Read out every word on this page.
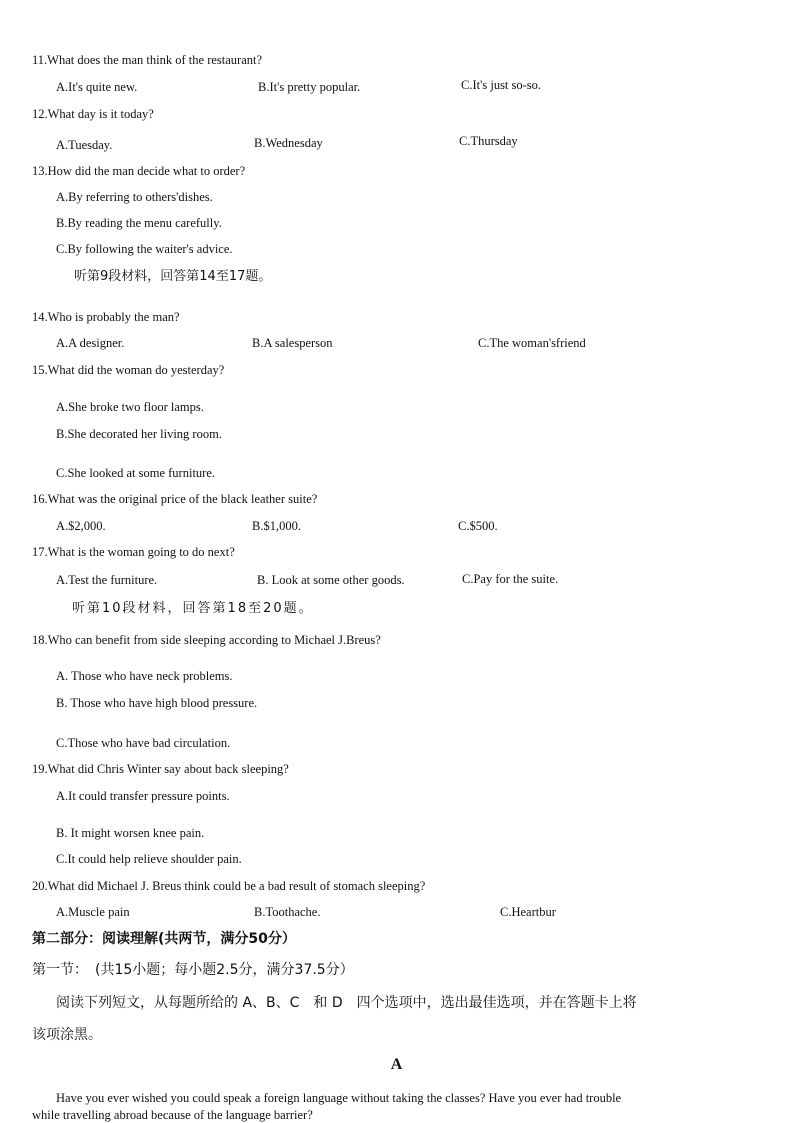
11.What does the man think of the restaurant?
A.It's quite new.	B.It's pretty popular.	C.It's just so-so.
12.What day is it today?
A.Tuesday.	B.Wednesday	C.Thursday
13.How did the man decide what to order?
A.By referring to others'dishes.
B.By reading the menu carefully.
C.By following the waiter's advice.
听第9段材料，回答第14至17题。
14.Who is probably the man?
A.A designer.	B.A salesperson	C.The woman'sfriend
15.What did the woman do yesterday?
A.She broke two floor lamps.
B.She decorated her living room.
C.She looked at some furniture.
16.What was the original price of the black leather suite?
A.$2,000.	B.$1,000.	C.$500.
17.What is the woman going to do next?
A.Test the furniture.	B. Look at some other goods.	C.Pay for the suite.
听第10段材料，回答第18至20题。
18.Who can benefit from side sleeping according to Michael J.Breus?
A. Those who have neck problems.
B. Those who have high blood pressure.
C.Those who have bad circulation.
19.What did Chris Winter say about back sleeping?
A.It could transfer pressure points.
B. It might worsen knee pain.
C.It could help relieve shoulder pain.
20.What did Michael J. Breus think could be a bad result of stomach sleeping?
A.Muscle pain	B.Toothache.	C.Heartbur
第二部分：阅读理解(共两节，满分50分）
第一节：　(共15小题；每小题2.5分，满分37.5分）
阅读下列短文，从每题所给的 A、B、C　和 D　四个选项中，选出最佳选项，并在答题卡上将
该项涂黑。
A
Have you ever wished you could speak a foreign language without taking the classes? Have you ever had trouble
while travelling abroad because of the language barrier?
